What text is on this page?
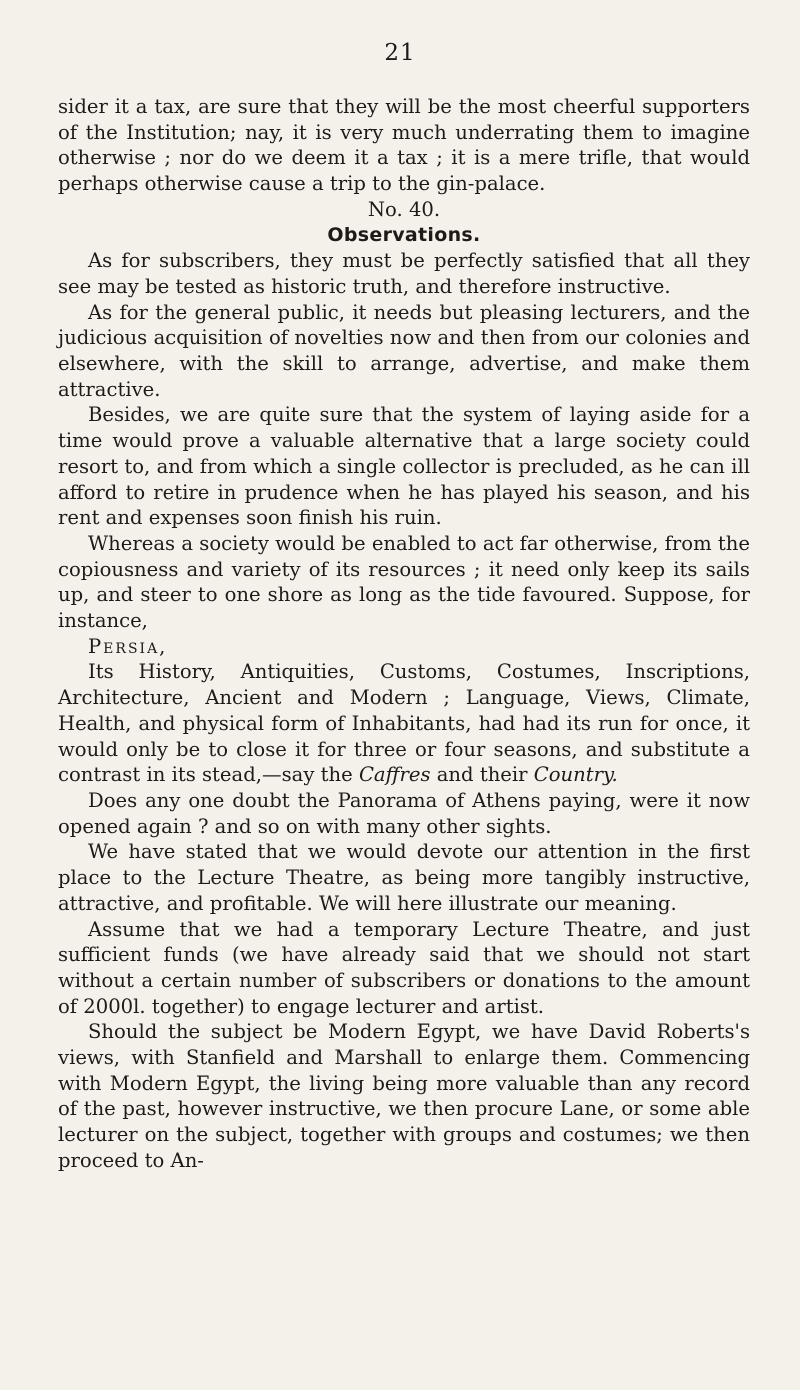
21

sider it a tax, are sure that they will be the most cheerful supporters of the Institution; nay, it is very much underrating them to imagine otherwise ; nor do we deem it a tax ; it is a mere trifle, that would perhaps otherwise cause a trip to the gin-palace.

No. 40.

Observations.

As for subscribers, they must be perfectly satisfied that all they see may be tested as historic truth, and therefore instructive.

As for the general public, it needs but pleasing lecturers, and the judicious acquisition of novelties now and then from our colonies and elsewhere, with the skill to arrange, advertise, and make them attractive.

Besides, we are quite sure that the system of laying aside for a time would prove a valuable alternative that a large society could resort to, and from which a single collector is precluded, as he can ill afford to retire in prudence when he has played his season, and his rent and expenses soon finish his ruin.

Whereas a society would be enabled to act far otherwise, from the copiousness and variety of its resources ; it need only keep its sails up, and steer to one shore as long as the tide favoured. Suppose, for instance,

Persia,

Its History, Antiquities, Customs, Costumes, Inscriptions, Architecture, Ancient and Modern ; Language, Views, Climate, Health, and physical form of Inhabitants, had had its run for once, it would only be to close it for three or four seasons, and substitute a contrast in its stead,—say the Caffres and their Country.

Does any one doubt the Panorama of Athens paying, were it now opened again ? and so on with many other sights.

We have stated that we would devote our attention in the first place to the Lecture Theatre, as being more tangibly instructive, attractive, and profitable. We will here illustrate our meaning.

Assume that we had a temporary Lecture Theatre, and just sufficient funds (we have already said that we should not start without a certain number of subscribers or donations to the amount of 2000l. together) to engage lecturer and artist.

Should the subject be Modern Egypt, we have David Roberts's views, with Stanfield and Marshall to enlarge them. Commencing with Modern Egypt, the living being more valuable than any record of the past, however instructive, we then procure Lane, or some able lecturer on the subject, together with groups and costumes; we then proceed to An-
